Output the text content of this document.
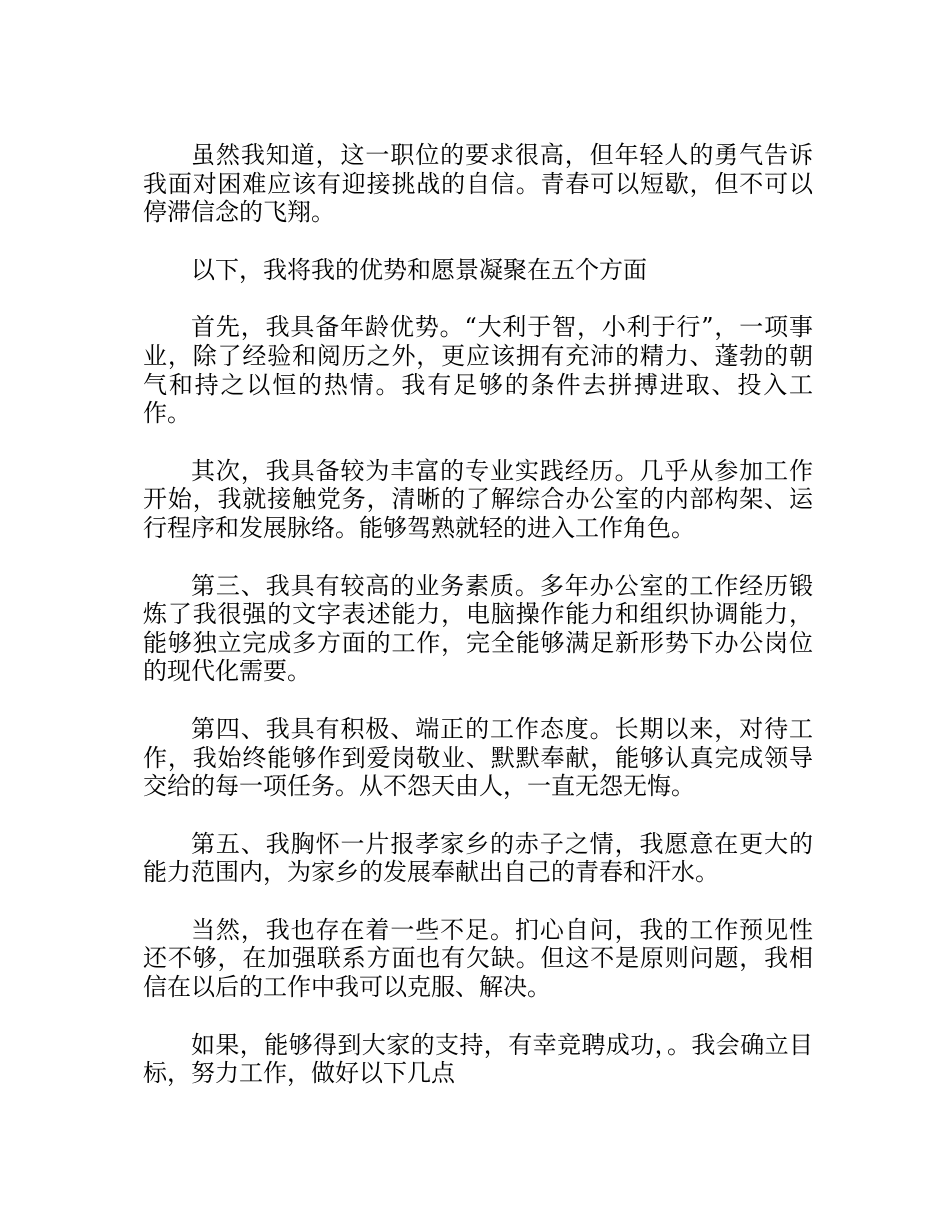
虽然我知道，这一职位的要求很高，但年轻人的勇气告诉我面对困难应该有迎接挑战的自信。青春可以短歇，但不可以停滞信念的飞翔。

以下，我将我的优势和愿景凝聚在五个方面

首先，我具备年龄优势。“大利于智，小利于行”，一项事业，除了经验和阅历之外，更应该拥有充沛的精力、蓬勃的朝气和持之以恒的热情。我有足够的条件去拼搏进取、投入工作。

其次，我具备较为丰富的专业实践经历。几乎从参加工作开始，我就接触党务，清晰的了解综合办公室的内部构架、运行程序和发展脉络。能够驾熟就轻的进入工作角色。

第三、我具有较高的业务素质。多年办公室的工作经历锻炼了我很强的文字表述能力，电脑操作能力和组织协调能力，能够独立完成多方面的工作，完全能够满足新形势下办公岗位的现代化需要。

第四、我具有积极、端正的工作态度。长期以来，对待工作，我始终能够作到爱岗敬业、默默奉献，能够认真完成领导交给的每一项任务。从不怨天由人，一直无怨无悔。

第五、我胸怀一片报孝家乡的赤子之情，我愿意在更大的能力范围内，为家乡的发展奉献出自己的青春和汗水。

当然，我也存在着一些不足。扪心自问，我的工作预见性还不够，在加强联系方面也有欠缺。但这不是原则问题，我相信在以后的工作中我可以克服、解决。

如果，能够得到大家的支持，有幸竞聘成功，。我会确立目标，努力工作，做好以下几点
